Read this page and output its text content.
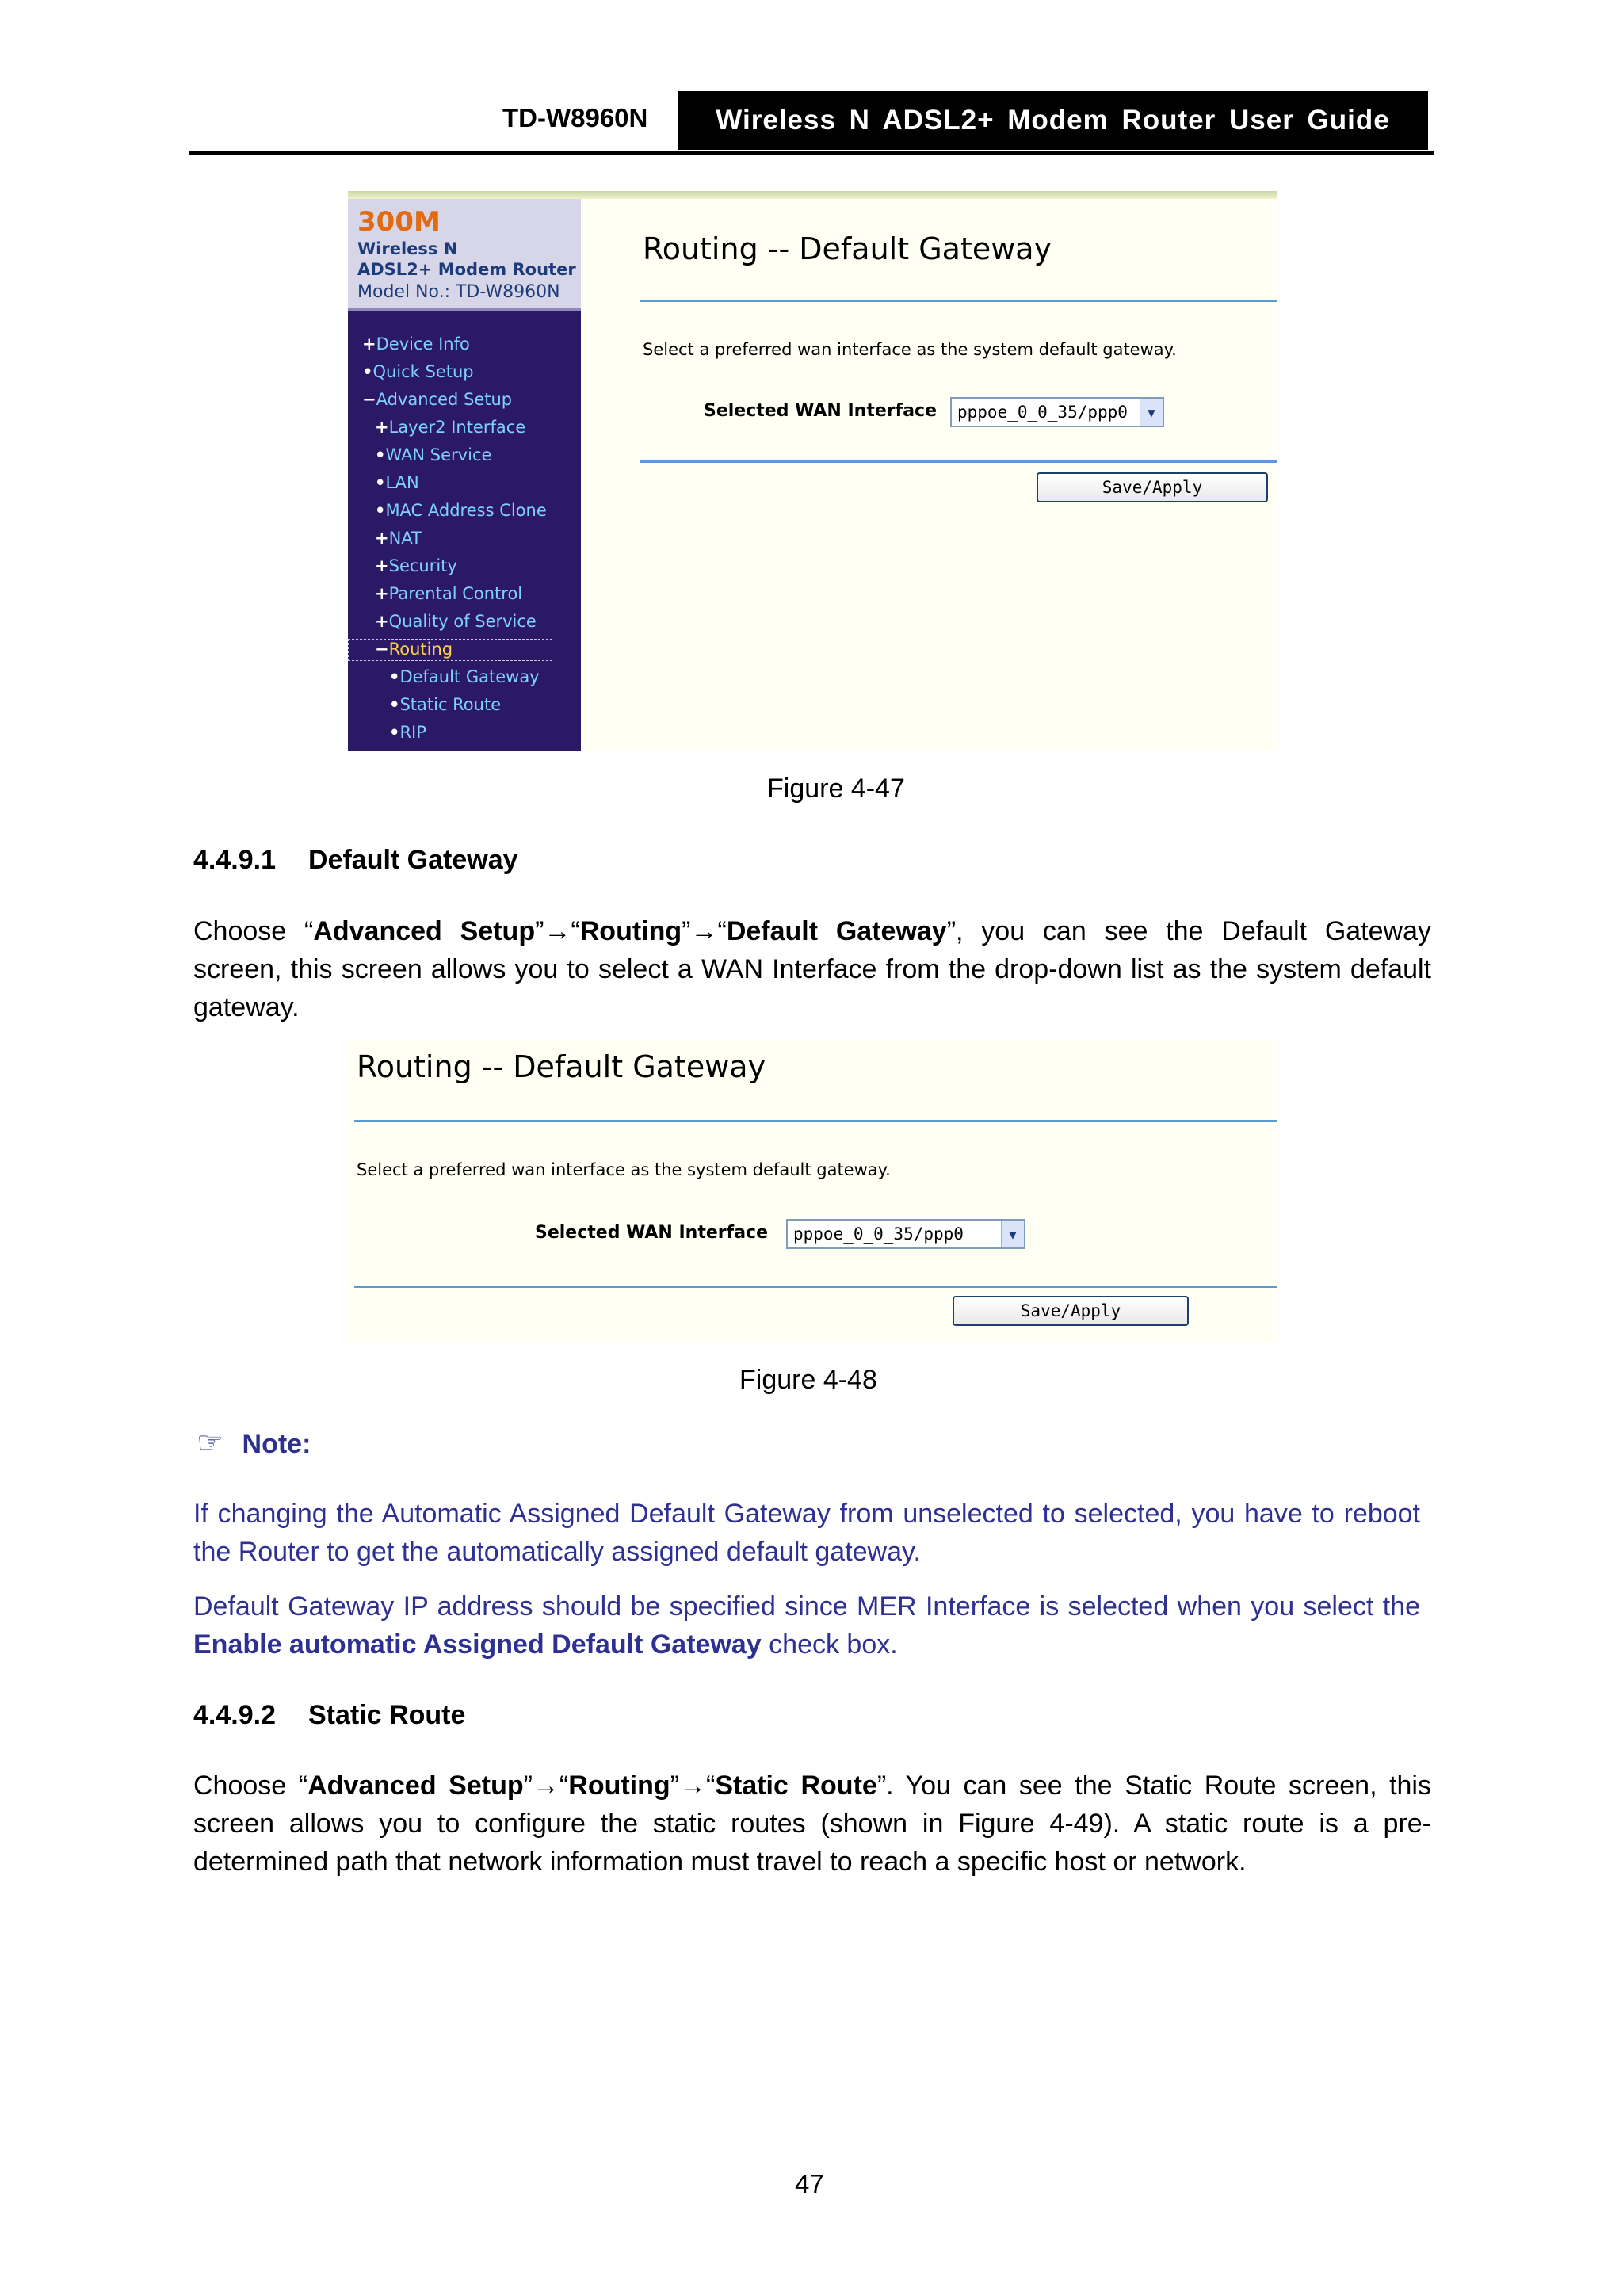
TD-W8960N	Wireless N ADSL2+ Modem Router User Guide
300M
Wireless N
ADSL2+ Modem Router
Model No.: TD-W8960N
+Device Info
•Quick Setup
−Advanced Setup
+Layer2 Interface
•WAN Service
•LAN
•MAC Address Clone
+NAT
+Security
+Parental Control
+Quality of Service
−Routing
•Default Gateway
•Static Route
•RIP
Routing -- Default Gateway
Select a preferred wan interface as the system default gateway.
Selected WAN Interface	pppoe_0_0_35/ppp0	▼
Save/Apply
Figure 4-47
4.4.9.1 Default Gateway
Choose “Advanced Setup”→“Routing”→“Default Gateway”, you can see the Default Gateway screen, this screen allows you to select a WAN Interface from the drop-down list as the system default gateway.
Routing -- Default Gateway
Select a preferred wan interface as the system default gateway.
Selected WAN Interface	pppoe_0_0_35/ppp0	▼
Save/Apply
Figure 4-48
☞ Note:
If changing the Automatic Assigned Default Gateway from unselected to selected, you have to reboot the Router to get the automatically assigned default gateway.
Default Gateway IP address should be specified since MER Interface is selected when you select the Enable automatic Assigned Default Gateway check box.
4.4.9.2 Static Route
Choose “Advanced Setup”→“Routing”→“Static Route”. You can see the Static Route screen, this screen allows you to configure the static routes (shown in Figure 4-49). A static route is a pre-determined path that network information must travel to reach a specific host or network.
47
